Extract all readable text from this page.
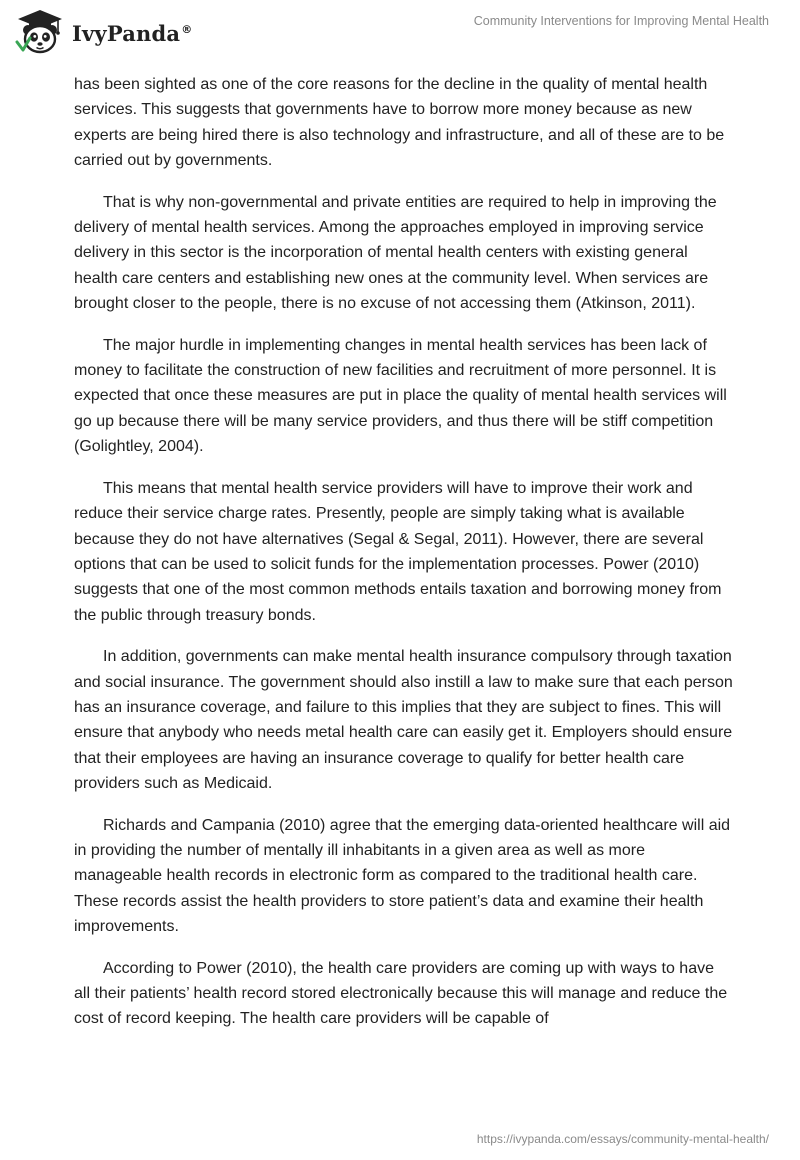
IvyPanda®
Community Interventions for Improving Mental Health

has been sighted as one of the core reasons for the decline in the quality of mental health services. This suggests that governments have to borrow more money because as new experts are being hired there is also technology and infrastructure, and all of these are to be carried out by governments.

That is why non-governmental and private entities are required to help in improving the delivery of mental health services. Among the approaches employed in improving service delivery in this sector is the incorporation of mental health centers with existing general health care centers and establishing new ones at the community level. When services are brought closer to the people, there is no excuse of not accessing them (Atkinson, 2011).

The major hurdle in implementing changes in mental health services has been lack of money to facilitate the construction of new facilities and recruitment of more personnel. It is expected that once these measures are put in place the quality of mental health services will go up because there will be many service providers, and thus there will be stiff competition (Golightley, 2004).

This means that mental health service providers will have to improve their work and reduce their service charge rates. Presently, people are simply taking what is available because they do not have alternatives (Segal & Segal, 2011). However, there are several options that can be used to solicit funds for the implementation processes. Power (2010) suggests that one of the most common methods entails taxation and borrowing money from the public through treasury bonds.

In addition, governments can make mental health insurance compulsory through taxation and social insurance. The government should also instill a law to make sure that each person has an insurance coverage, and failure to this implies that they are subject to fines. This will ensure that anybody who needs metal health care can easily get it. Employers should ensure that their employees are having an insurance coverage to qualify for better health care providers such as Medicaid.

Richards and Campania (2010) agree that the emerging data-oriented healthcare will aid in providing the number of mentally ill inhabitants in a given area as well as more manageable health records in electronic form as compared to the traditional health care. These records assist the health providers to store patient’s data and examine their health improvements.

According to Power (2010), the health care providers are coming up with ways to have all their patients’ health record stored electronically because this will manage and reduce the cost of record keeping. The health care providers will be capable of

https://ivypanda.com/essays/community-mental-health/
